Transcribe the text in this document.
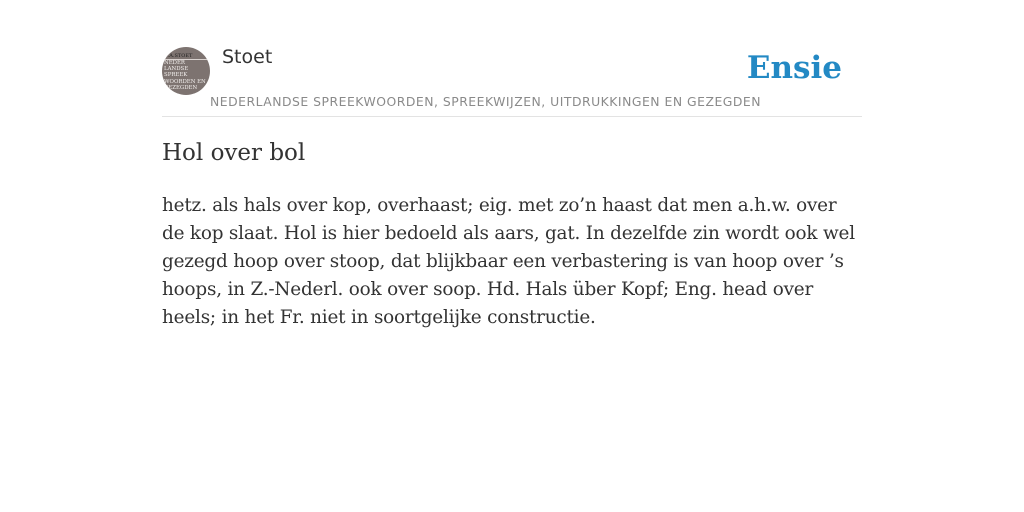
F.A.STOET
NEDER
LANDSE
SPREEK
WOORDEN EN
GEZEGDEN
Stoet	Ensie
NEDERLANDSE SPREEKWOORDEN, SPREEKWIJZEN, UITDRUKKINGEN EN GEZEGDEN
Hol over bol

hetz. als hals over kop, overhaast; eig. met zo’n haast dat men a.h.w. over de kop slaat. Hol is hier bedoeld als aars, gat. In dezelfde zin wordt ook wel gezegd hoop over stoop, dat blijkbaar een verbastering is van hoop over ’s hoops, in Z.-Nederl. ook over soop. Hd. Hals über Kopf; Eng. head over heels; in het Fr. niet in soortgelijke constructie.
